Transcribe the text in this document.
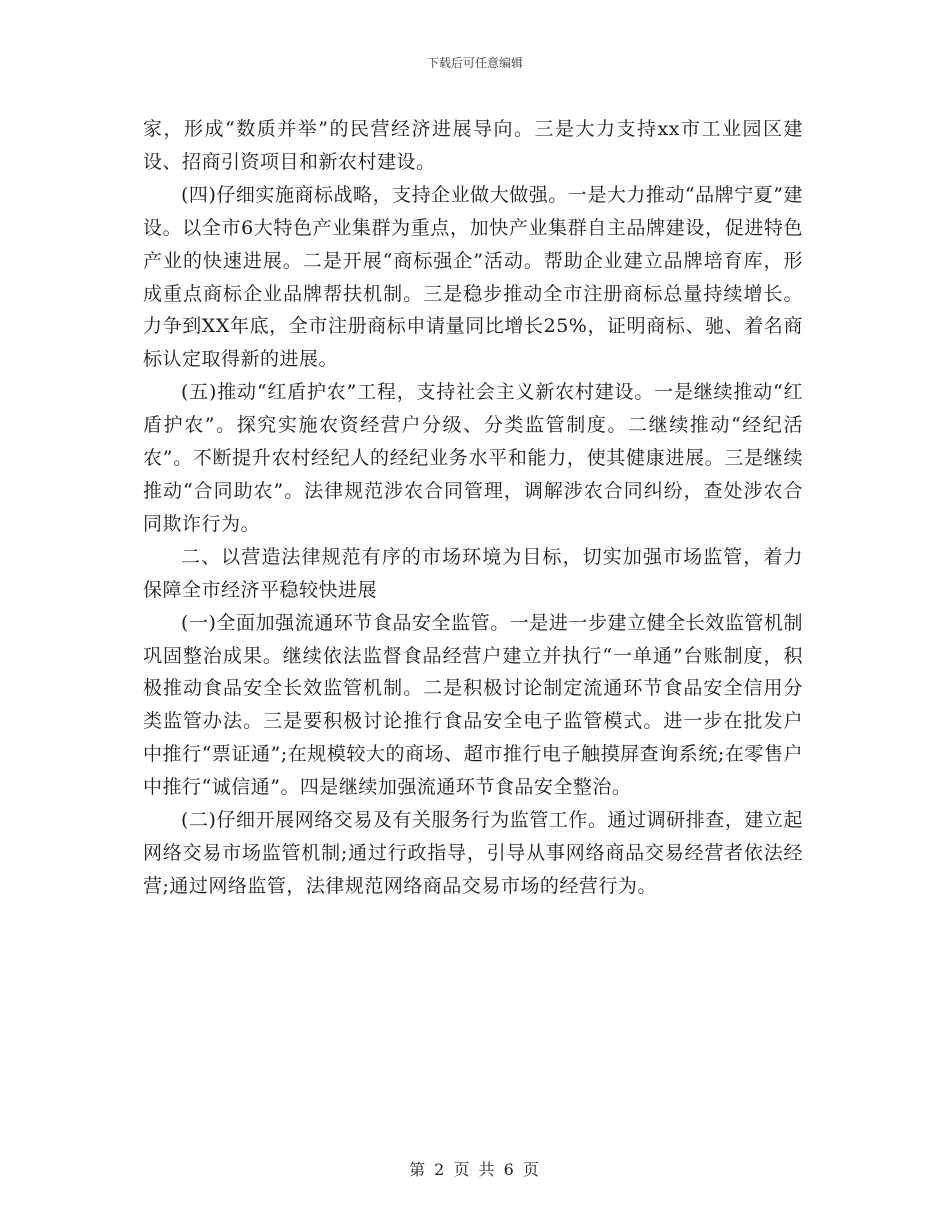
下载后可任意编辑

家，形成“数质并举”的民营经济进展导向。三是大力支持xx市工业园区建设、招商引资项目和新农村建设。

(四)仔细实施商标战略，支持企业做大做强。一是大力推动“品牌宁夏”建设。以全市6大特色产业集群为重点，加快产业集群自主品牌建设，促进特色产业的快速进展。二是开展“商标强企”活动。帮助企业建立品牌培育库，形成重点商标企业品牌帮扶机制。三是稳步推动全市注册商标总量持续增长。力争到XX年底，全市注册商标申请量同比增长25%，证明商标、驰、着名商标认定取得新的进展。

(五)推动“红盾护农”工程，支持社会主义新农村建设。一是继续推动“红盾护农”。探究实施农资经营户分级、分类监管制度。二继续推动“经纪活农”。不断提升农村经纪人的经纪业务水平和能力，使其健康进展。三是继续推动“合同助农”。法律规范涉农合同管理，调解涉农合同纠纷，查处涉农合同欺诈行为。

二、以营造法律规范有序的市场环境为目标，切实加强市场监管，着力保障全市经济平稳较快进展

(一)全面加强流通环节食品安全监管。一是进一步建立健全长效监管机制巩固整治成果。继续依法监督食品经营户建立并执行“一单通”台账制度，积极推动食品安全长效监管机制。二是积极讨论制定流通环节食品安全信用分类监管办法。三是要积极讨论推行食品安全电子监管模式。进一步在批发户中推行“票证通”;在规模较大的商场、超市推行电子触摸屏查询系统;在零售户中推行“诚信通”。四是继续加强流通环节食品安全整治。

(二)仔细开展网络交易及有关服务行为监管工作。通过调研排查，建立起网络交易市场监管机制;通过行政指导，引导从事网络商品交易经营者依法经营;通过网络监管，法律规范网络商品交易市场的经营行为。

第 2 页 共 6 页
